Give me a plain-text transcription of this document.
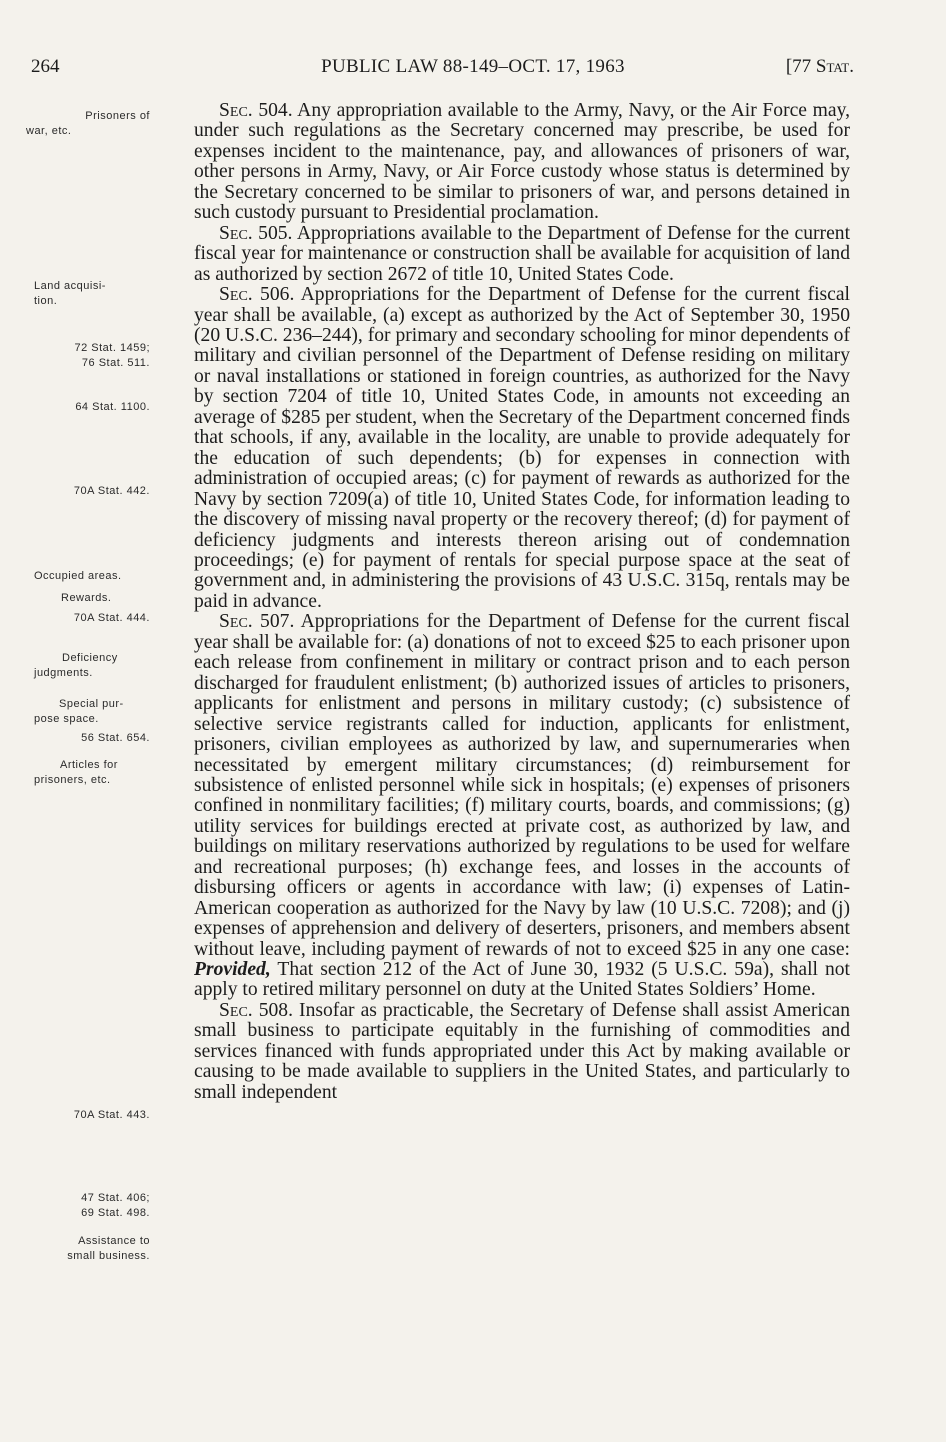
264	PUBLIC LAW 88-149–OCT. 17, 1963	[77 Stat.
Prisoners of
war, etc.
Land acquisi-
tion.
72 Stat. 1459;
76 Stat. 511.
64 Stat. 1100.
70A Stat. 442.
Occupied areas.
Rewards.
70A Stat. 444.
Deficiency
judgments.
Special pur-
pose space.
56 Stat. 654.
Articles for
prisoners, etc.
70A Stat. 443.
47 Stat. 406;
69 Stat. 498.
Assistance to
small business.

Sec. 504. Any appropriation available to the Army, Navy, or the Air Force may, under such regulations as the Secretary concerned may prescribe, be used for expenses incident to the maintenance, pay, and allowances of prisoners of war, other persons in Army, Navy, or Air Force custody whose status is determined by the Secretary concerned to be similar to prisoners of war, and persons detained in such custody pursuant to Presidential proclamation.

Sec. 505. Appropriations available to the Department of Defense for the current fiscal year for maintenance or construction shall be available for acquisition of land as authorized by section 2672 of title 10, United States Code.

Sec. 506. Appropriations for the Department of Defense for the current fiscal year shall be available, (a) except as authorized by the Act of September 30, 1950 (20 U.S.C. 236–244), for primary and secondary schooling for minor dependents of military and civilian personnel of the Department of Defense residing on military or naval installations or stationed in foreign countries, as authorized for the Navy by section 7204 of title 10, United States Code, in amounts not exceeding an average of $285 per student, when the Secretary of the Department concerned finds that schools, if any, available in the locality, are unable to provide adequately for the education of such dependents; (b) for expenses in connection with administration of occupied areas; (c) for payment of rewards as authorized for the Navy by section 7209(a) of title 10, United States Code, for information leading to the discovery of missing naval property or the recovery thereof; (d) for payment of deficiency judgments and interests thereon arising out of condemnation proceedings; (e) for payment of rentals for special purpose space at the seat of government and, in administering the provisions of 43 U.S.C. 315q, rentals may be paid in advance.

Sec. 507. Appropriations for the Department of Defense for the current fiscal year shall be available for: (a) donations of not to exceed $25 to each prisoner upon each release from confinement in military or contract prison and to each person discharged for fraudulent enlistment; (b) authorized issues of articles to prisoners, applicants for enlistment and persons in military custody; (c) subsistence of selective service registrants called for induction, applicants for enlistment, prisoners, civilian employees as authorized by law, and supernumeraries when necessitated by emergent military circumstances; (d) reimbursement for subsistence of enlisted personnel while sick in hospitals; (e) expenses of prisoners confined in nonmilitary facilities; (f) military courts, boards, and commissions; (g) utility services for buildings erected at private cost, as authorized by law, and buildings on military reservations authorized by regulations to be used for welfare and recreational purposes; (h) exchange fees, and losses in the accounts of disbursing officers or agents in accordance with law; (i) expenses of Latin-American cooperation as authorized for the Navy by law (10 U.S.C. 7208); and (j) expenses of apprehension and delivery of deserters, prisoners, and members absent without leave, including payment of rewards of not to exceed $25 in any one case: Provided, That section 212 of the Act of June 30, 1932 (5 U.S.C. 59a), shall not apply to retired military personnel on duty at the United States Soldiers’ Home.

Sec. 508. Insofar as practicable, the Secretary of Defense shall assist American small business to participate equitably in the furnishing of commodities and services financed with funds appropriated under this Act by making available or causing to be made available to suppliers in the United States, and particularly to small independent
